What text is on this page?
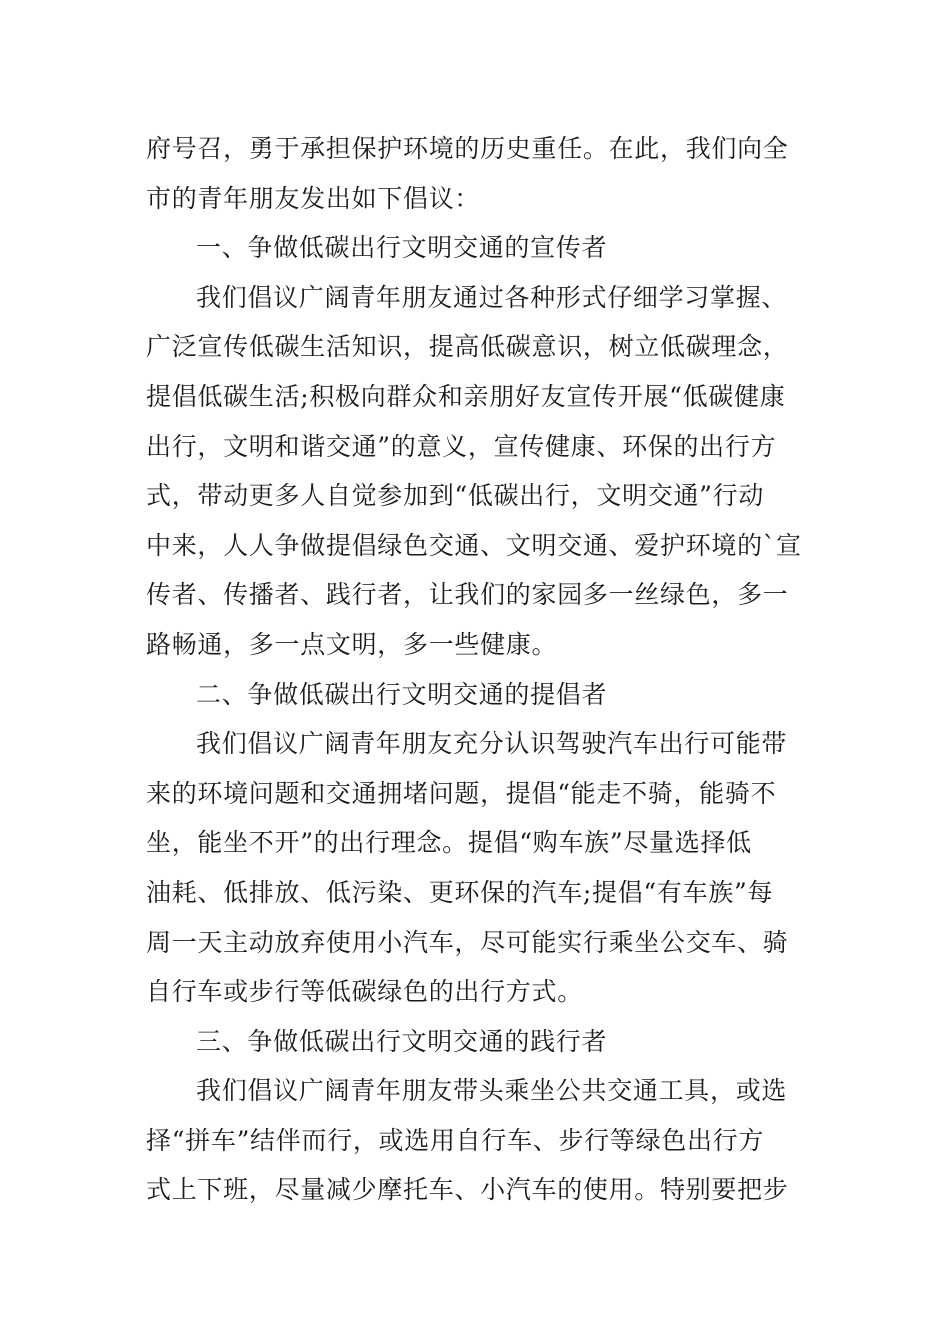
府号召，勇于承担保护环境的历史重任。在此，我们向全
市的青年朋友发出如下倡议：
一、争做低碳出行文明交通的宣传者
我们倡议广阔青年朋友通过各种形式仔细学习掌握、
广泛宣传低碳生活知识，提高低碳意识，树立低碳理念，
提倡低碳生活;积极向群众和亲朋好友宣传开展“低碳健康
出行，文明和谐交通”的意义，宣传健康、环保的出行方
式，带动更多人自觉参加到“低碳出行，文明交通”行动
中来，人人争做提倡绿色交通、文明交通、爱护环境的`宣
传者、传播者、践行者，让我们的家园多一丝绿色，多一
路畅通，多一点文明，多一些健康。
二、争做低碳出行文明交通的提倡者
我们倡议广阔青年朋友充分认识驾驶汽车出行可能带
来的环境问题和交通拥堵问题，提倡“能走不骑，能骑不
坐，能坐不开”的出行理念。提倡“购车族”尽量选择低
油耗、低排放、低污染、更环保的汽车;提倡“有车族”每
周一天主动放弃使用小汽车，尽可能实行乘坐公交车、骑
自行车或步行等低碳绿色的出行方式。
三、争做低碳出行文明交通的践行者
我们倡议广阔青年朋友带头乘坐公共交通工具，或选
择“拼车”结伴而行，或选用自行车、步行等绿色出行方
式上下班，尽量减少摩托车、小汽车的使用。特别要把步
